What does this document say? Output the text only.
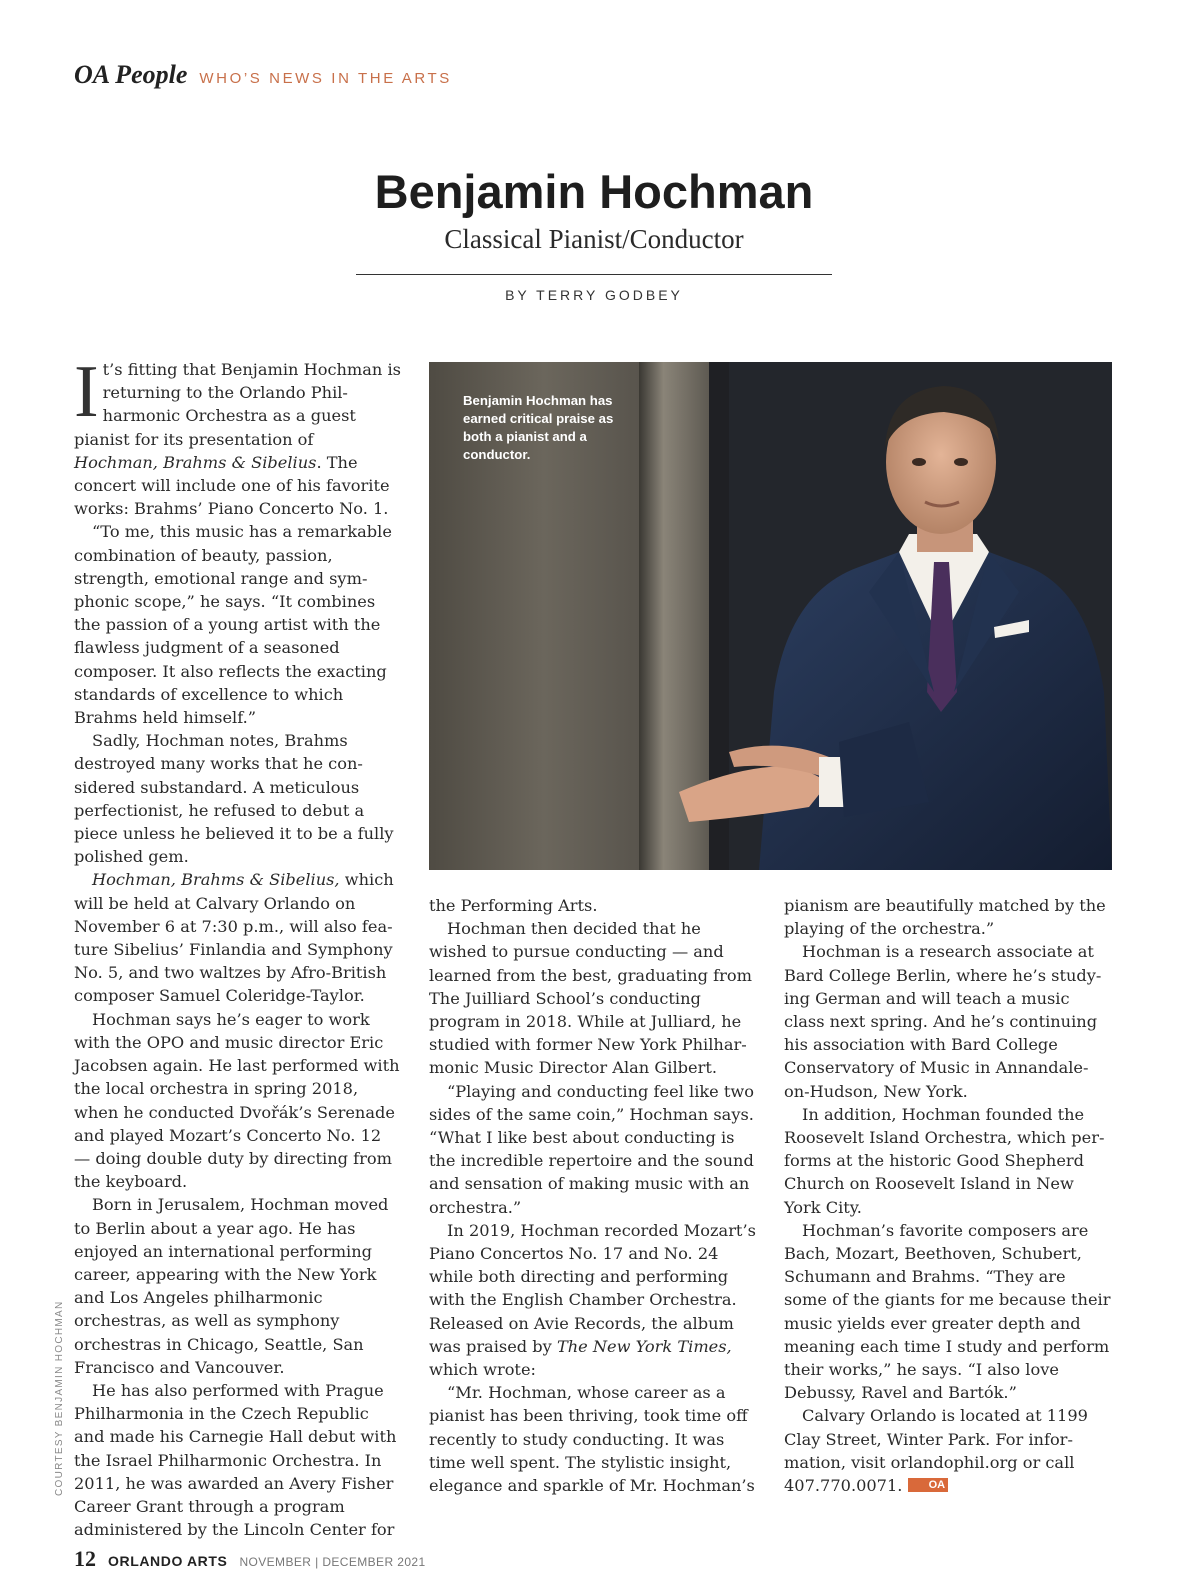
OA People WHO’S NEWS IN THE ARTS
Benjamin Hochman
Classical Pianist/Conductor
BY TERRY GODBEY

It’s fitting that Benjamin Hochman is returning to the Orlando Philharmonic Orchestra as a guest pianist for its presentation of Hochman, Brahms & Sibelius. The concert will include one of his favorite works: Brahms’ Piano Concerto No. 1.

“To me, this music has a remarkable combination of beauty, passion, strength, emotional range and symphonic scope,” he says. “It combines the passion of a young artist with the flawless judgment of a seasoned composer. It also reflects the exacting standards of excellence to which Brahms held himself.”

Sadly, Hochman notes, Brahms destroyed many works that he considered substandard. A meticulous perfectionist, he refused to debut a piece unless he believed it to be a fully polished gem.

Hochman, Brahms & Sibelius, which will be held at Calvary Orlando on November 6 at 7:30 p.m., will also feature Sibelius’ Finlandia and Symphony No. 5, and two waltzes by Afro-British composer Samuel Coleridge-Taylor.

Hochman says he’s eager to work with the OPO and music director Eric Jacobsen again. He last performed with the local orchestra in spring 2018, when he conducted Dvořák’s Serenade and played Mozart’s Concerto No. 12 — doing double duty by directing from the keyboard.

Born in Jerusalem, Hochman moved to Berlin about a year ago. He has enjoyed an international performing career, appearing with the New York and Los Angeles philharmonic orchestras, as well as symphony orchestras in Chicago, Seattle, San Francisco and Vancouver.

He has also performed with Prague Philharmonia in the Czech Republic and made his Carnegie Hall debut with the Israel Philharmonic Orchestra. In 2011, he was awarded an Avery Fisher Career Grant through a program administered by the Lincoln Center for

Benjamin Hochman has earned critical praise as both a pianist and a conductor.

the Performing Arts.

Hochman then decided that he wished to pursue conducting — and learned from the best, graduating from The Juilliard School’s conducting program in 2018. While at Julliard, he studied with former New York Philharmonic Music Director Alan Gilbert.

“Playing and conducting feel like two sides of the same coin,” Hochman says. “What I like best about conducting is the incredible repertoire and the sound and sensation of making music with an orchestra.”

In 2019, Hochman recorded Mozart’s Piano Concertos No. 17 and No. 24 while both directing and performing with the English Chamber Orchestra. Released on Avie Records, the album was praised by The New York Times, which wrote:

“Mr. Hochman, whose career as a pianist has been thriving, took time off recently to study conducting. It was time well spent. The stylistic insight, elegance and sparkle of Mr. Hochman’s

pianism are beautifully matched by the playing of the orchestra.”

Hochman is a research associate at Bard College Berlin, where he’s studying German and will teach a music class next spring. And he’s continuing his association with Bard College Conservatory of Music in Annandale-on-Hudson, New York.

In addition, Hochman founded the Roosevelt Island Orchestra, which performs at the historic Good Shepherd Church on Roosevelt Island in New York City.

Hochman’s favorite composers are Bach, Mozart, Beethoven, Schubert, Schumann and Brahms. “They are some of the giants for me because their music yields ever greater depth and meaning each time I study and perform their works,” he says. “I also love Debussy, Ravel and Bartók.”

Calvary Orlando is located at 1199 Clay Street, Winter Park. For information, visit orlandophil.org or call 407.770.0071. OA

COURTESY BENJAMIN HOCHMAN
12 ORLANDO ARTS NOVEMBER | DECEMBER 2021
